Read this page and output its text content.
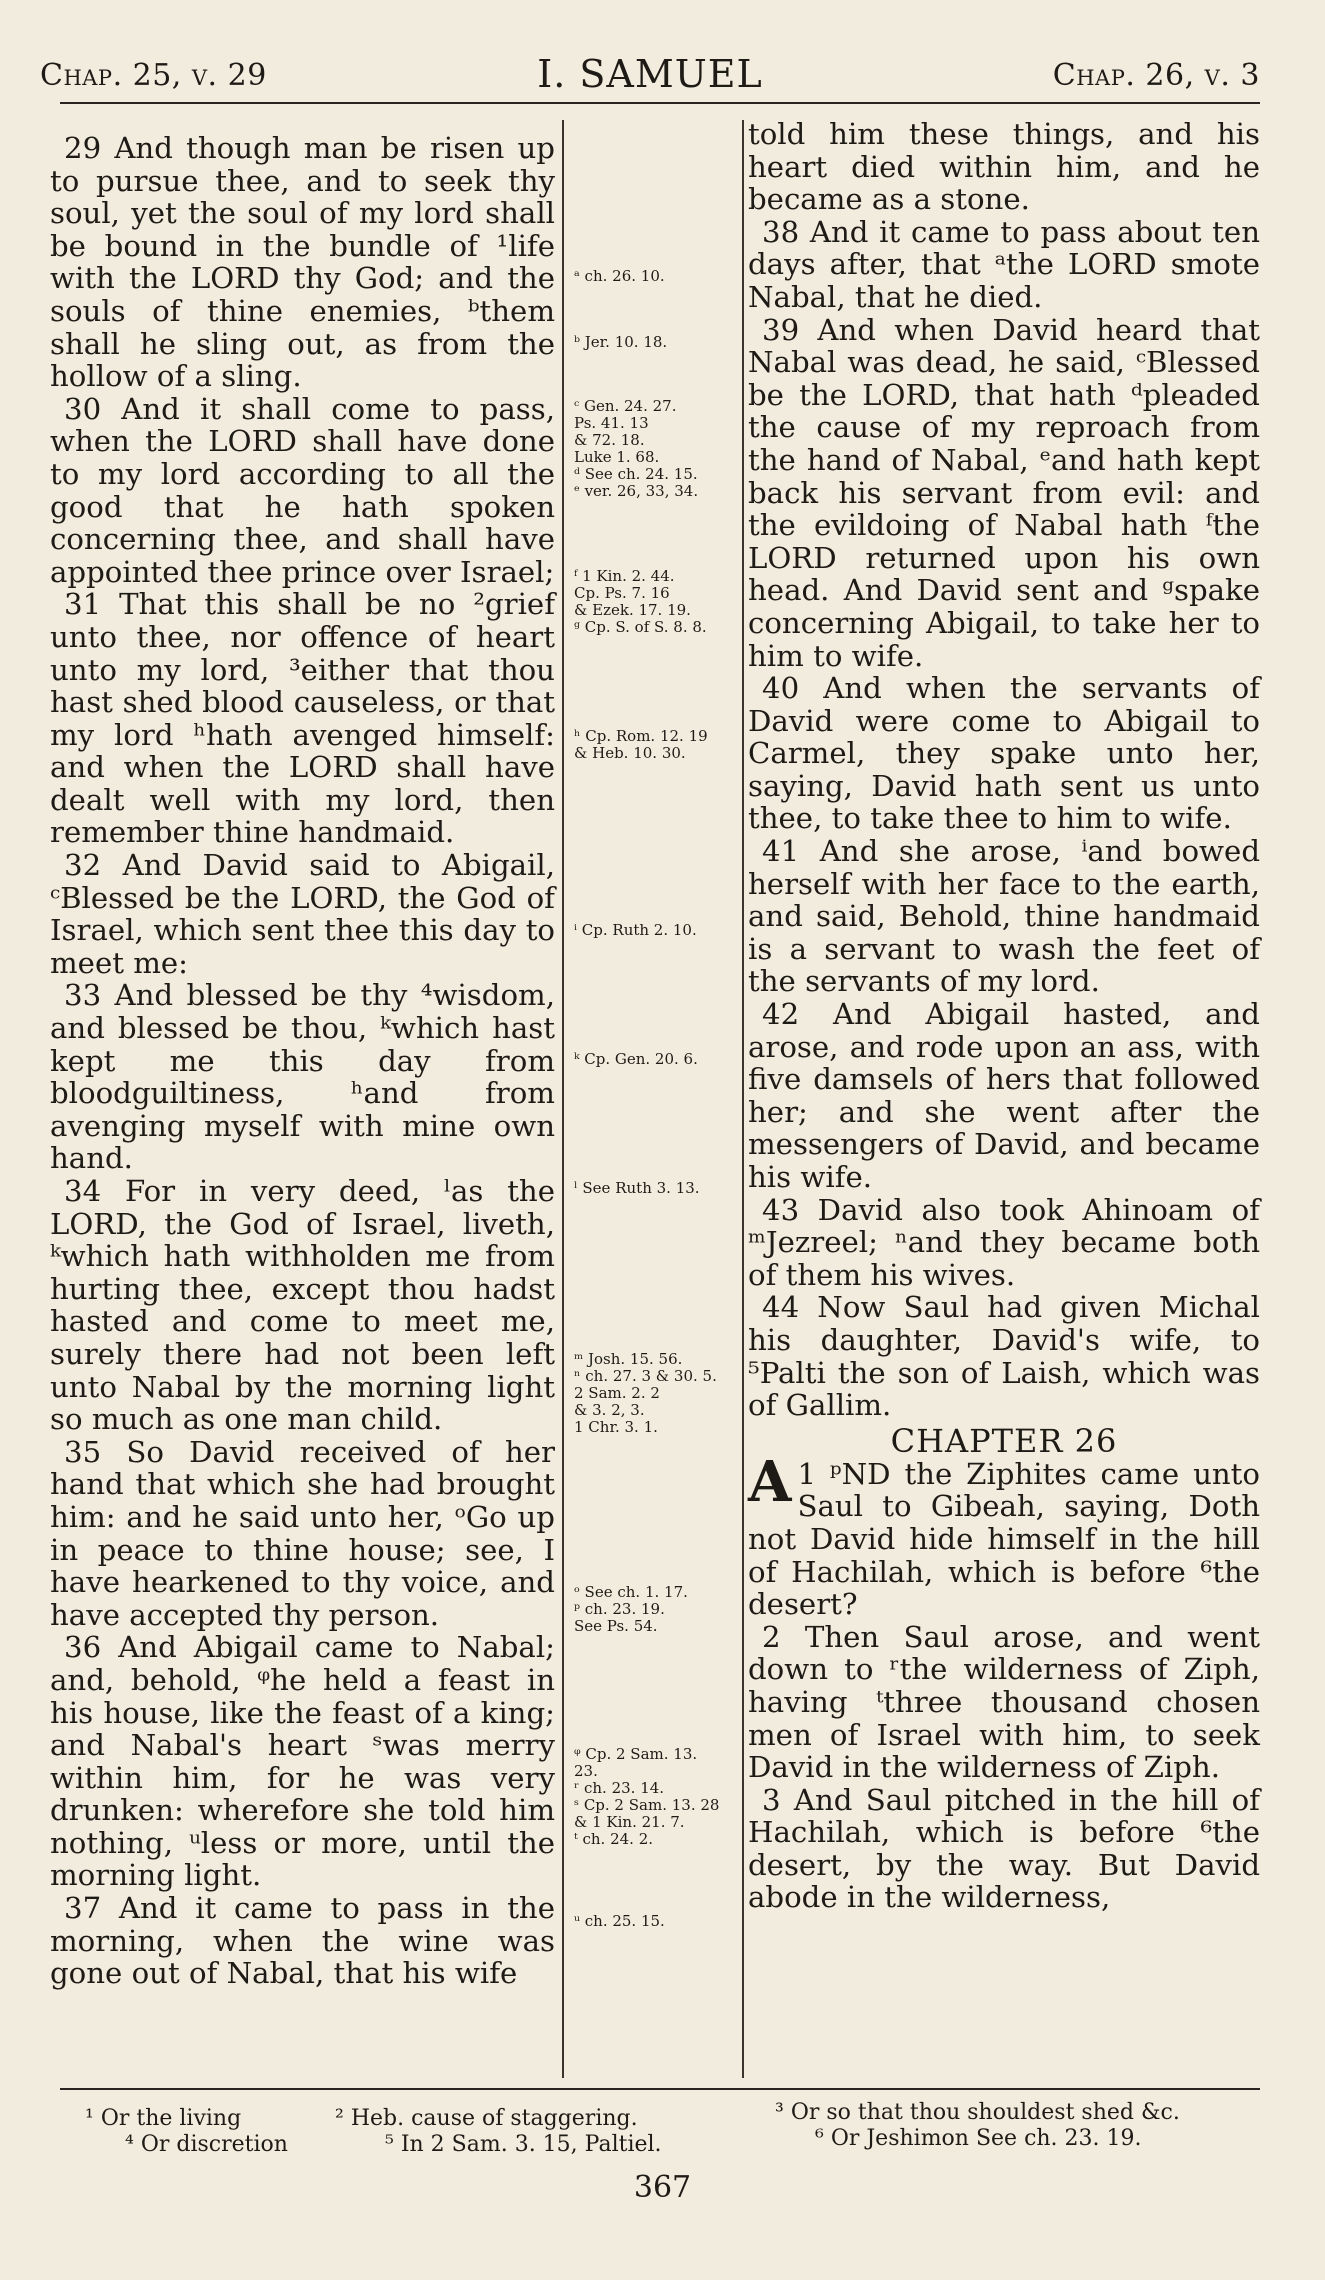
Chap. 25, v. 29	I. SAMUEL	Chap. 26, v. 3

29 And though man be risen up to pursue thee, and to seek thy soul, yet the soul of my lord shall be bound in the bundle of ¹life with the LORD thy God; and the souls of thine enemies, ᵇthem shall he sling out, as from the hollow of a sling.

30 And it shall come to pass, when the LORD shall have done to my lord according to all the good that he hath spoken concerning thee, and shall have appointed thee prince over Israel;

31 That this shall be no ²grief unto thee, nor offence of heart unto my lord, ³either that thou hast shed blood causeless, or that my lord ʰhath avenged himself: and when the LORD shall have dealt well with my lord, then remember thine handmaid.

32 And David said to Abigail, ᶜBlessed be the LORD, the God of Israel, which sent thee this day to meet me:

33 And blessed be thy ⁴wisdom, and blessed be thou, ᵏwhich hast kept me this day from bloodguiltiness, ʰand from avenging myself with mine own hand.

34 For in very deed, ˡas the LORD, the God of Israel, liveth, ᵏwhich hath withholden me from hurting thee, except thou hadst hasted and come to meet me, surely there had not been left unto Nabal by the morning light so much as one man child.

35 So David received of her hand that which she had brought him: and he said unto her, ᵒGo up in peace to thine house; see, I have hearkened to thy voice, and have accepted thy person.

36 And Abigail came to Nabal; and, behold, ᵠhe held a feast in his house, like the feast of a king; and Nabal's heart ˢwas merry within him, for he was very drunken: wherefore she told him nothing, ᵘless or more, until the morning light.

37 And it came to pass in the morning, when the wine was gone out of Nabal, that his wife

ᵃ ch. 26. 10.
ᵇ Jer. 10. 18.
ᶜ Gen. 24. 27.
Ps. 41. 13
& 72. 18.
Luke 1. 68.
ᵈ See ch. 24. 15.
ᵉ ver. 26, 33, 34.
ᶠ 1 Kin. 2. 44.
Cp. Ps. 7. 16
& Ezek. 17. 19.
ᵍ Cp. S. of S. 8. 8.
ʰ Cp. Rom. 12. 19
& Heb. 10. 30.
ⁱ Cp. Ruth 2. 10.
ᵏ Cp. Gen. 20. 6.
ˡ See Ruth 3. 13.
ᵐ Josh. 15. 56.
ⁿ ch. 27. 3 & 30. 5.
2 Sam. 2. 2
& 3. 2, 3.
1 Chr. 3. 1.
ᵒ See ch. 1. 17.
ᵖ ch. 23. 19.
See Ps. 54.
ᵠ Cp. 2 Sam. 13.
23.
ʳ ch. 23. 14.
ˢ Cp. 2 Sam. 13. 28
& 1 Kin. 21. 7.
ᵗ ch. 24. 2.
ᵘ ch. 25. 15.

told him these things, and his heart died within him, and he became as a stone.

38 And it came to pass about ten days after, that ᵃthe LORD smote Nabal, that he died.

39 And when David heard that Nabal was dead, he said, ᶜBlessed be the LORD, that hath ᵈpleaded the cause of my reproach from the hand of Nabal, ᵉand hath kept back his servant from evil: and the evildoing of Nabal hath ᶠthe LORD returned upon his own head. And David sent and ᵍspake concerning Abigail, to take her to him to wife.

40 And when the servants of David were come to Abigail to Carmel, they spake unto her, saying, David hath sent us unto thee, to take thee to him to wife.

41 And she arose, ⁱand bowed herself with her face to the earth, and said, Behold, thine handmaid is a servant to wash the feet of the servants of my lord.

42 And Abigail hasted, and arose, and rode upon an ass, with five damsels of hers that followed her; and she went after the messengers of David, and became his wife.

43 David also took Ahinoam of ᵐJezreel; ⁿand they became both of them his wives.

44 Now Saul had given Michal his daughter, David's wife, to ⁵Palti the son of Laish, which was of Gallim.

CHAPTER 26

1 ᵖ
A ND the Ziphites came unto Saul to Gibeah, saying, Doth not David hide himself in the hill of Hachilah, which is before ⁶the desert?

2 Then Saul arose, and went down to ʳthe wilderness of Ziph, having ᵗthree thousand chosen men of Israel with him, to seek David in the wilderness of Ziph.

3 And Saul pitched in the hill of Hachilah, which is before ⁶the desert, by the way. But David abode in the wilderness,

¹ Or the living	² Heb. cause of staggering.	³ Or so that thou shouldest shed &c.
⁴ Or discretion	⁵ In 2 Sam. 3. 15, Paltiel.	⁶ Or Jeshimon See ch. 23. 19.
367
